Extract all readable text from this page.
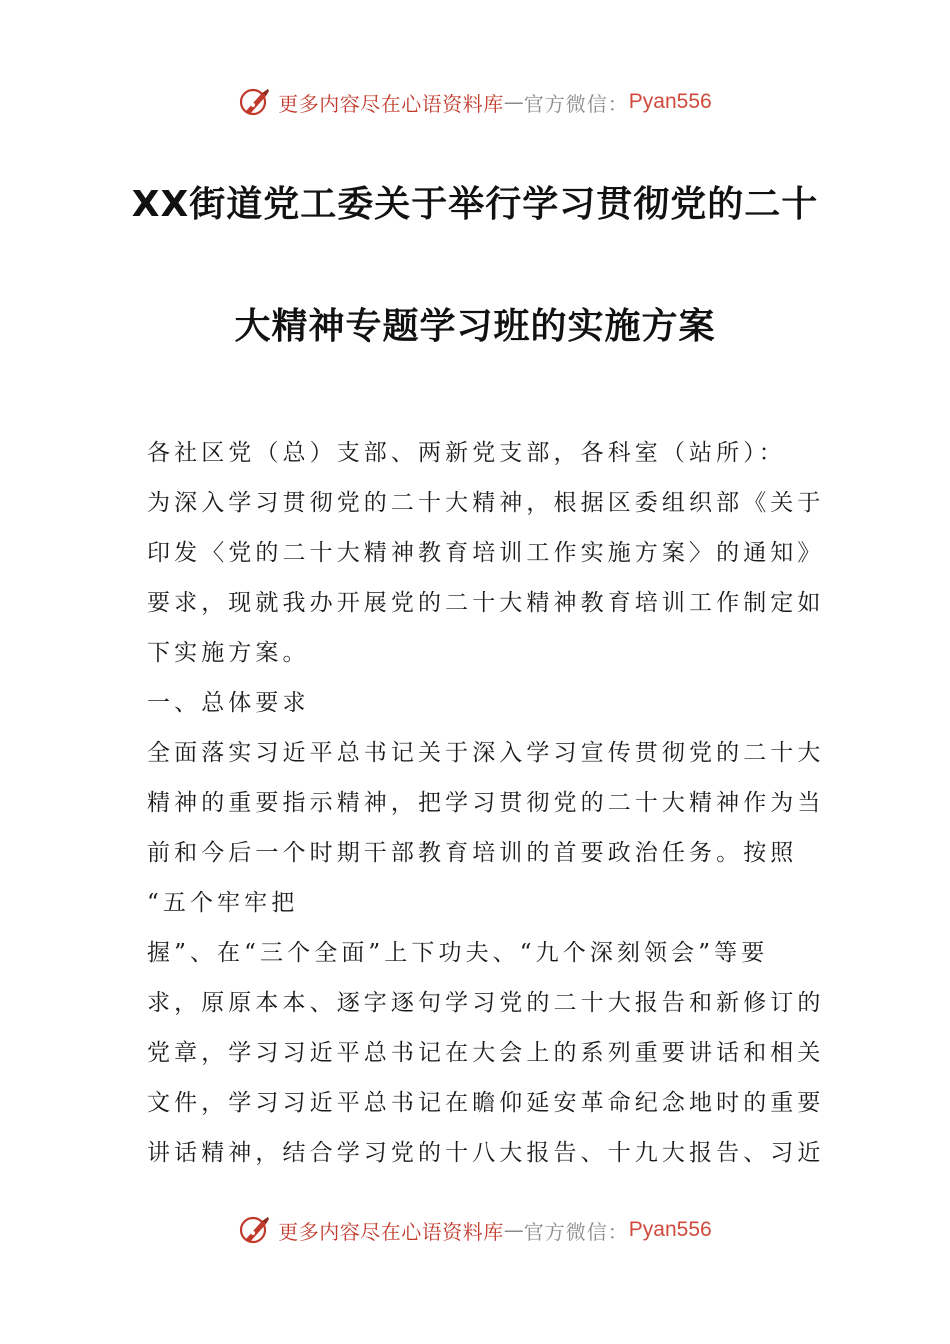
更多内容尽在心语资料库 — 官方微信： Pyan556
XX街道党工委关于举行学习贯彻党的二十
大精神专题学习班的实施方案

各社区党（总）支部、两新党支部，各科室（站所）：

为深入学习贯彻党的二十大精神，根据区委组织部《关于

印发〈党的二十大精神教育培训工作实施方案〉的通知》

要求，现就我办开展党的二十大精神教育培训工作制定如

下实施方案。

一、总体要求

全面落实习近平总书记关于深入学习宣传贯彻党的二十大

精神的重要指示精神，把学习贯彻党的二十大精神作为当

前和今后一个时期干部教育培训的首要政治任务。按照

“五个牢牢把

握”、在“三个全面”上下功夫、“九个深刻领会”等要

求，原原本本、逐字逐句学习党的二十大报告和新修订的

党章，学习习近平总书记在大会上的系列重要讲话和相关

文件，学习习近平总书记在瞻仰延安革命纪念地时的重要

讲话精神，结合学习党的十八大报告、十九大报告、习近

更多内容尽在心语资料库 — 官方微信： Pyan556
